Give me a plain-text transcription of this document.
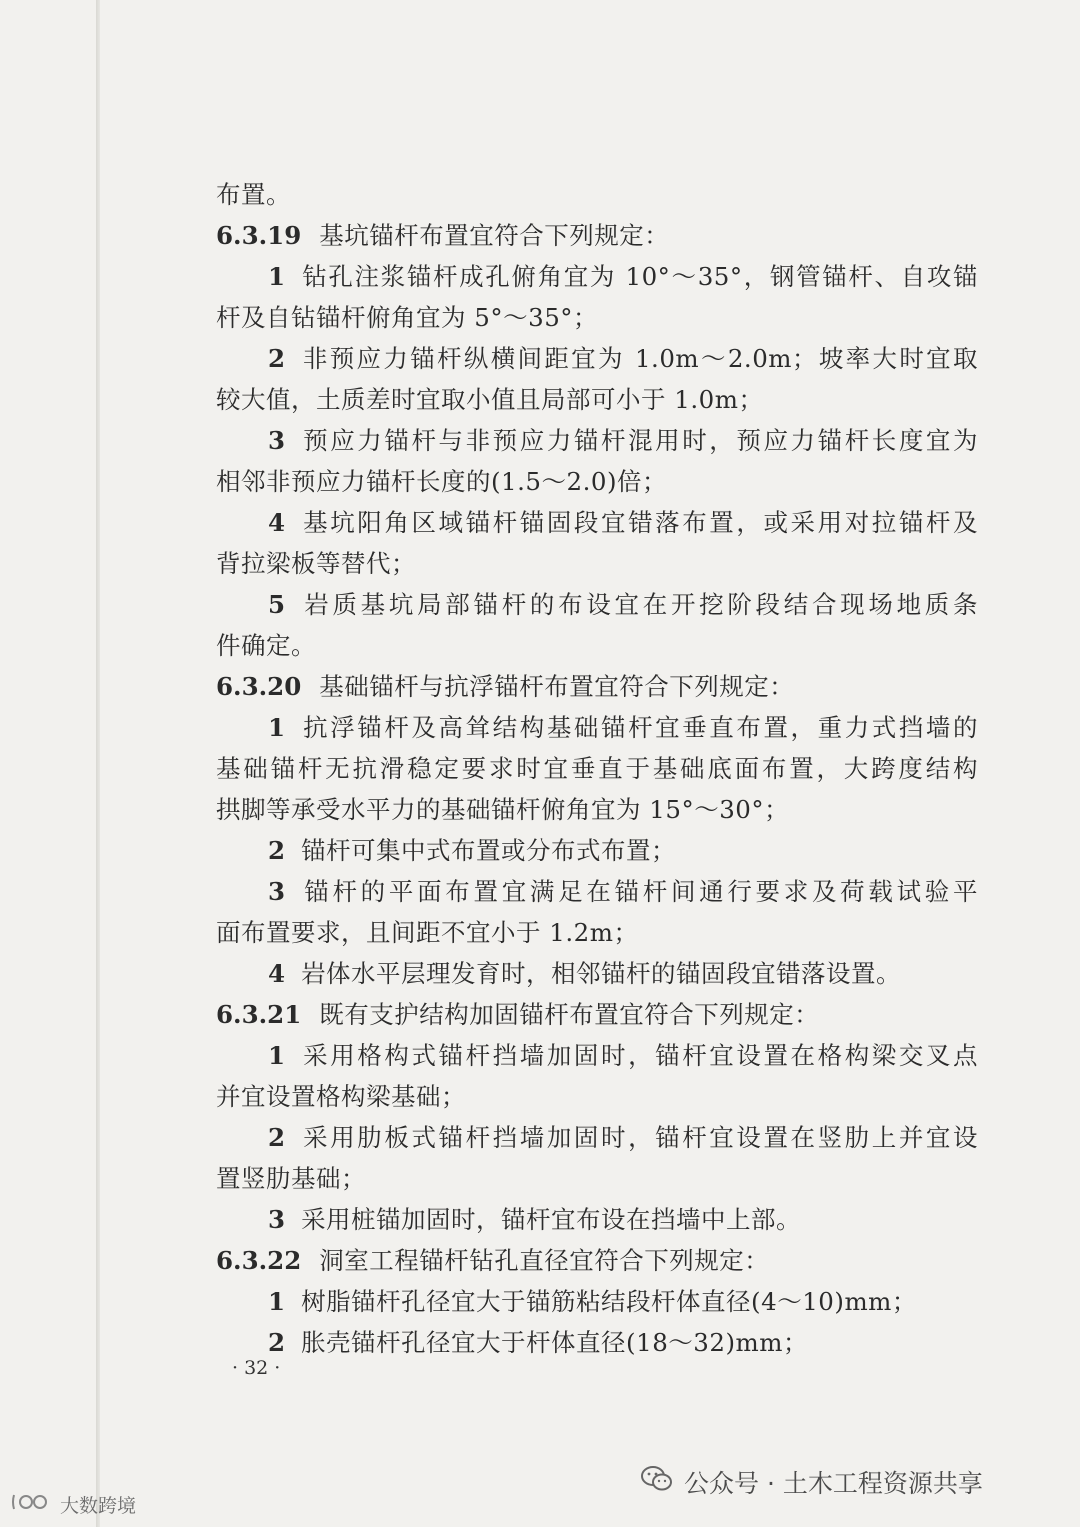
布置。
6.3.19 基坑锚杆布置宜符合下列规定：
1 钻孔注浆锚杆成孔俯角宜为 10°～35°，钢管锚杆、自攻锚
杆及自钻锚杆俯角宜为 5°～35°；
2 非预应力锚杆纵横间距宜为 1.0m～2.0m；坡率大时宜取
较大值，土质差时宜取小值且局部可小于 1.0m；
3 预应力锚杆与非预应力锚杆混用时，预应力锚杆长度宜为
相邻非预应力锚杆长度的(1.5～2.0)倍；
4 基坑阳角区域锚杆锚固段宜错落布置，或采用对拉锚杆及
背拉梁板等替代；
5 岩质基坑局部锚杆的布设宜在开挖阶段结合现场地质条
件确定。
6.3.20 基础锚杆与抗浮锚杆布置宜符合下列规定：
1 抗浮锚杆及高耸结构基础锚杆宜垂直布置，重力式挡墙的
基础锚杆无抗滑稳定要求时宜垂直于基础底面布置，大跨度结构
拱脚等承受水平力的基础锚杆俯角宜为 15°～30°；
2 锚杆可集中式布置或分布式布置；
3 锚杆的平面布置宜满足在锚杆间通行要求及荷载试验平
面布置要求，且间距不宜小于 1.2m；
4 岩体水平层理发育时，相邻锚杆的锚固段宜错落设置。
6.3.21 既有支护结构加固锚杆布置宜符合下列规定：
1 采用格构式锚杆挡墙加固时，锚杆宜设置在格构梁交叉点
并宜设置格构梁基础；
2 采用肋板式锚杆挡墙加固时，锚杆宜设置在竖肋上并宜设
置竖肋基础；
3 采用桩锚加固时，锚杆宜布设在挡墙中上部。
6.3.22 洞室工程锚杆钻孔直径宜符合下列规定：
1 树脂锚杆孔径宜大于锚筋粘结段杆体直径(4～10)mm；
2 胀壳锚杆孔径宜大于杆体直径(18～32)mm；
· 32 ·
公众号 · 土木工程资源共享
大数跨境
